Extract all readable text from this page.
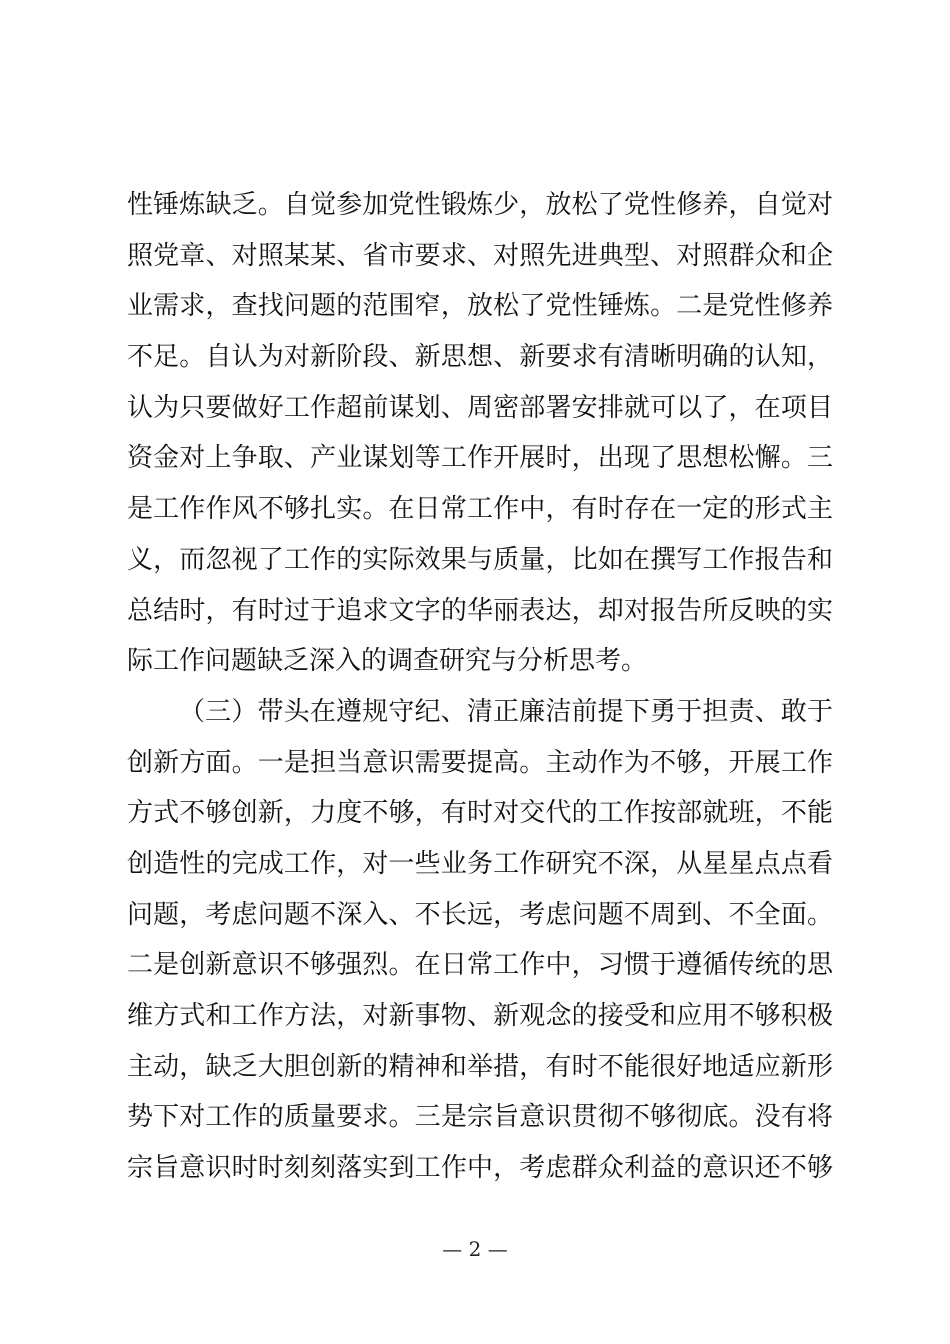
性锤炼缺乏。自觉参加党性锻炼少，放松了党性修养，自觉对
照党章、对照某某、省市要求、对照先进典型、对照群众和企
业需求，查找问题的范围窄，放松了党性锤炼。二是党性修养
不足。自认为对新阶段、新思想、新要求有清晰明确的认知，
认为只要做好工作超前谋划、周密部署安排就可以了，在项目
资金对上争取、产业谋划等工作开展时，出现了思想松懈。三
是工作作风不够扎实。在日常工作中，有时存在一定的形式主
义，而忽视了工作的实际效果与质量，比如在撰写工作报告和
总结时，有时过于追求文字的华丽表达，却对报告所反映的实
际工作问题缺乏深入的调查研究与分析思考。
（三）带头在遵规守纪、清正廉洁前提下勇于担责、敢于
创新方面。一是担当意识需要提高。主动作为不够，开展工作
方式不够创新，力度不够，有时对交代的工作按部就班，不能
创造性的完成工作，对一些业务工作研究不深，从星星点点看
问题，考虑问题不深入、不长远，考虑问题不周到、不全面。
二是创新意识不够强烈。在日常工作中，习惯于遵循传统的思
维方式和工作方法，对新事物、新观念的接受和应用不够积极
主动，缺乏大胆创新的精神和举措，有时不能很好地适应新形
势下对工作的质量要求。三是宗旨意识贯彻不够彻底。没有将
宗旨意识时时刻刻落实到工作中，考虑群众利益的意识还不够
— 2 —
